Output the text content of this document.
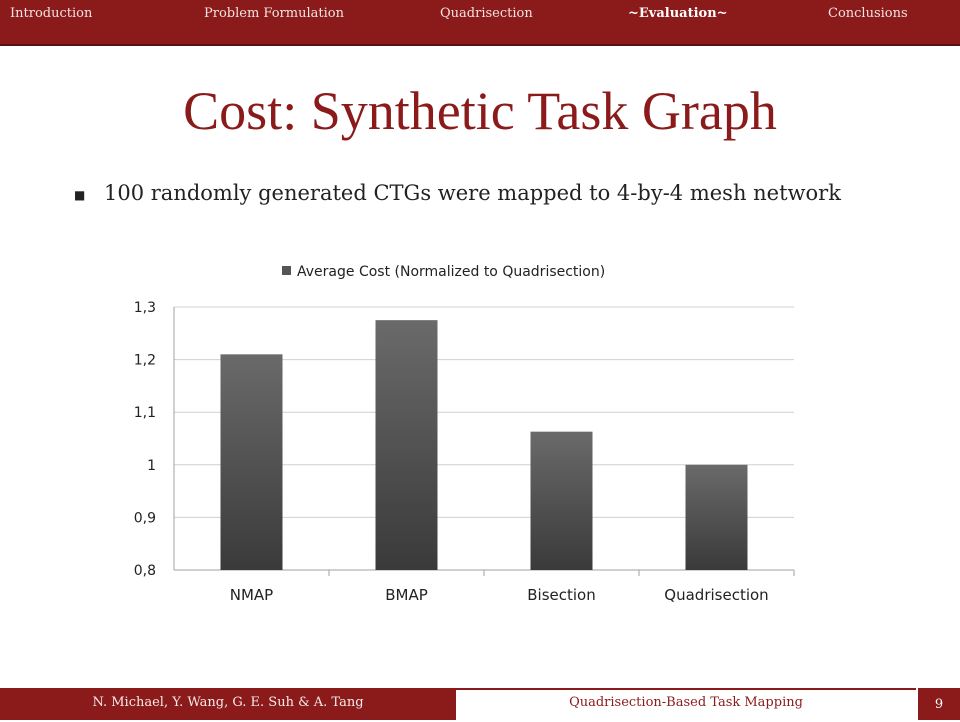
Introduction	Problem Formulation	Quadrisection	~Evaluation~	Conclusions
Cost: Synthetic Task Graph
■ 100 randomly generated CTGs were mapped to 4-by-4 mesh network
Average Cost (Normalized to Quadrisection)
0,8
0,9
1
1,1
1,2
1,3
NMAP	BMAP	Bisection	Quadrisection
N. Michael, Y. Wang, G. E. Suh & A. Tang	Quadrisection-Based Task Mapping	9
